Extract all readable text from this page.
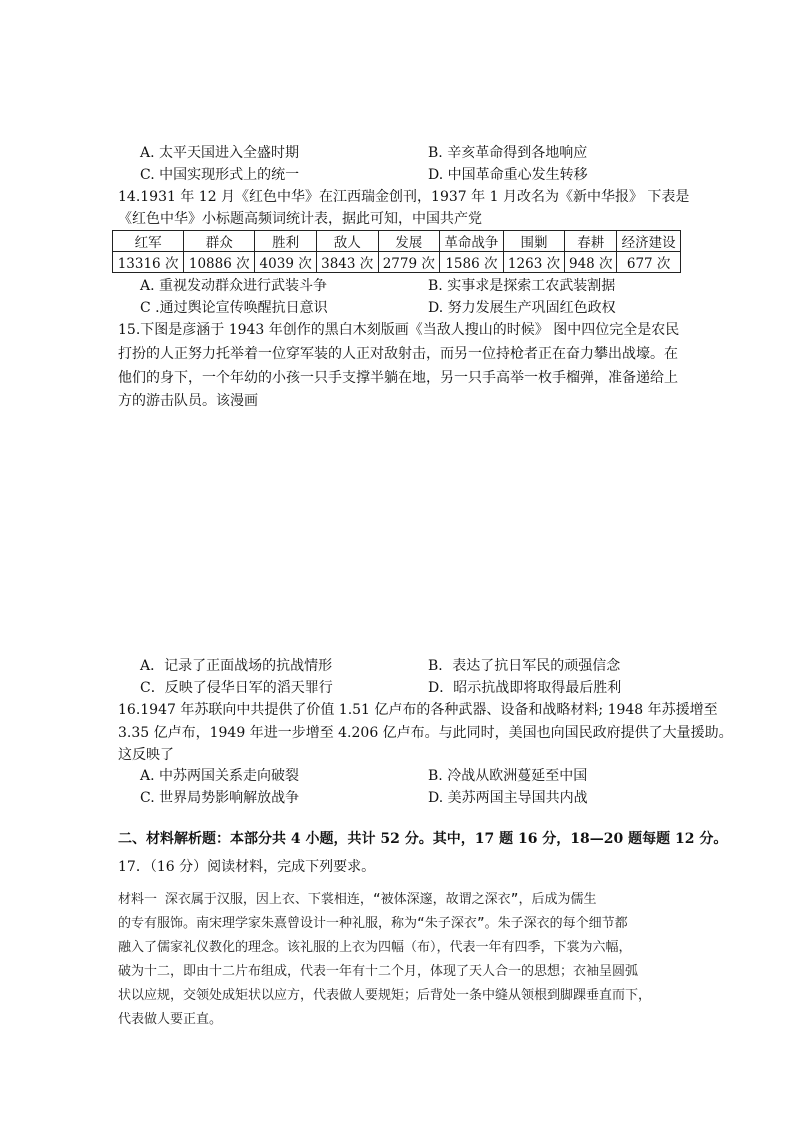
A. 太平天国进入全盛时期	B. 辛亥革命得到各地响应
C. 中国实现形式上的统一	D. 中国革命重心发生转移
14.1931 年 12 月《红色中华》在江西瑞金创刊，1937 年 1 月改名为《新中华报》 下表是
《红色中华》小标题高频词统计表，据此可知，中国共产党
红军	群众	胜利	敌人	发展	革命战争	围剿	春耕	经济建设
13316 次	10886 次	4039 次	3843 次	2779 次	1586 次	1263 次	948 次	677 次
A. 重视发动群众进行武装斗争	B. 实事求是探索工农武装割据
C .通过舆论宣传唤醒抗日意识	D. 努力发展生产巩固红色政权
15.下图是彦涵于 1943 年创作的黑白木刻版画《当敌人搜山的时候》 图中四位完全是农民
打扮的人正努力托举着一位穿军装的人正对敌射击，而另一位持枪者正在奋力攀出战壕。在
他们的身下，一个年幼的小孩一只手支撑半躺在地，另一只手高举一枚手榴弹，准备递给上
方的游击队员。该漫画
A．记录了正面战场的抗战情形	B．表达了抗日军民的顽强信念
C．反映了侵华日军的滔天罪行	D．昭示抗战即将取得最后胜利
16.1947 年苏联向中共提供了价值 1.51 亿卢布的各种武器、设备和战略材料; 1948 年苏援增至
3.35 亿卢布，1949 年进一步增至 4.206 亿卢布。与此同时，美国也向国民政府提供了大量援助。
这反映了
A. 中苏两国关系走向破裂	B. 冷战从欧洲蔓延至中国
C. 世界局势影响解放战争	D. 美苏两国主导国共内战
二、材料解析题：本部分共 4 小题，共计 52 分。其中，17 题 16 分，18—20 题每题 12 分。
17．（16 分）阅读材料，完成下列要求。
材料一 深衣属于汉服，因上衣、下裳相连，“被体深邃，故谓之深衣”，后成为儒生
的专有服饰。南宋理学家朱熹曾设计一种礼服，称为“朱子深衣”。朱子深衣的每个细节都
融入了儒家礼仪教化的理念。该礼服的上衣为四幅（布），代表一年有四季，下裳为六幅，
破为十二，即由十二片布组成，代表一年有十二个月，体现了天人合一的思想；衣袖呈圆弧
状以应规，交领处成矩状以应方，代表做人要规矩；后背处一条中缝从领根到脚踝垂直而下，
代表做人要正直。
